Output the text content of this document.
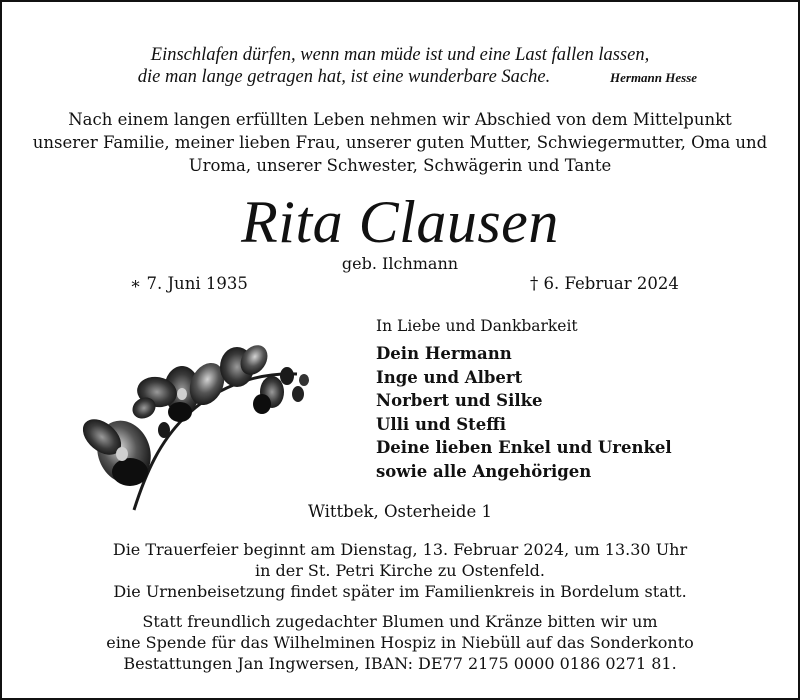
Einschlafen dürfen, wenn man müde ist und eine Last fallen lassen,
die man lange getragen hat, ist eine wunderbare Sache.	Hermann Hesse
Nach einem langen erfüllten Leben nehmen wir Abschied von dem Mittelpunkt
unserer Familie, meiner lieben Frau, unserer guten Mutter, Schwiegermutter, Oma und
Uroma, unserer Schwester, Schwägerin und Tante
Rita Clausen
geb. Ilchmann
∗ 7. Juni 1935	† 6. Februar 2024
In Liebe und Dankbarkeit
Dein Hermann
Inge und Albert
Norbert und Silke
Ulli und Steffi
Deine lieben Enkel und Urenkel
sowie alle Angehörigen
Wittbek, Osterheide 1
Die Trauerfeier beginnt am Dienstag, 13. Februar 2024, um 13.30 Uhr
in der St. Petri Kirche zu Ostenfeld.
Die Urnenbeisetzung findet später im Familienkreis in Bordelum statt.
Statt freundlich zugedachter Blumen und Kränze bitten wir um
eine Spende für das Wilhelminen Hospiz in Niebüll auf das Sonderkonto
Bestattungen Jan Ingwersen, IBAN: DE77 2175 0000 0186 0271 81.
